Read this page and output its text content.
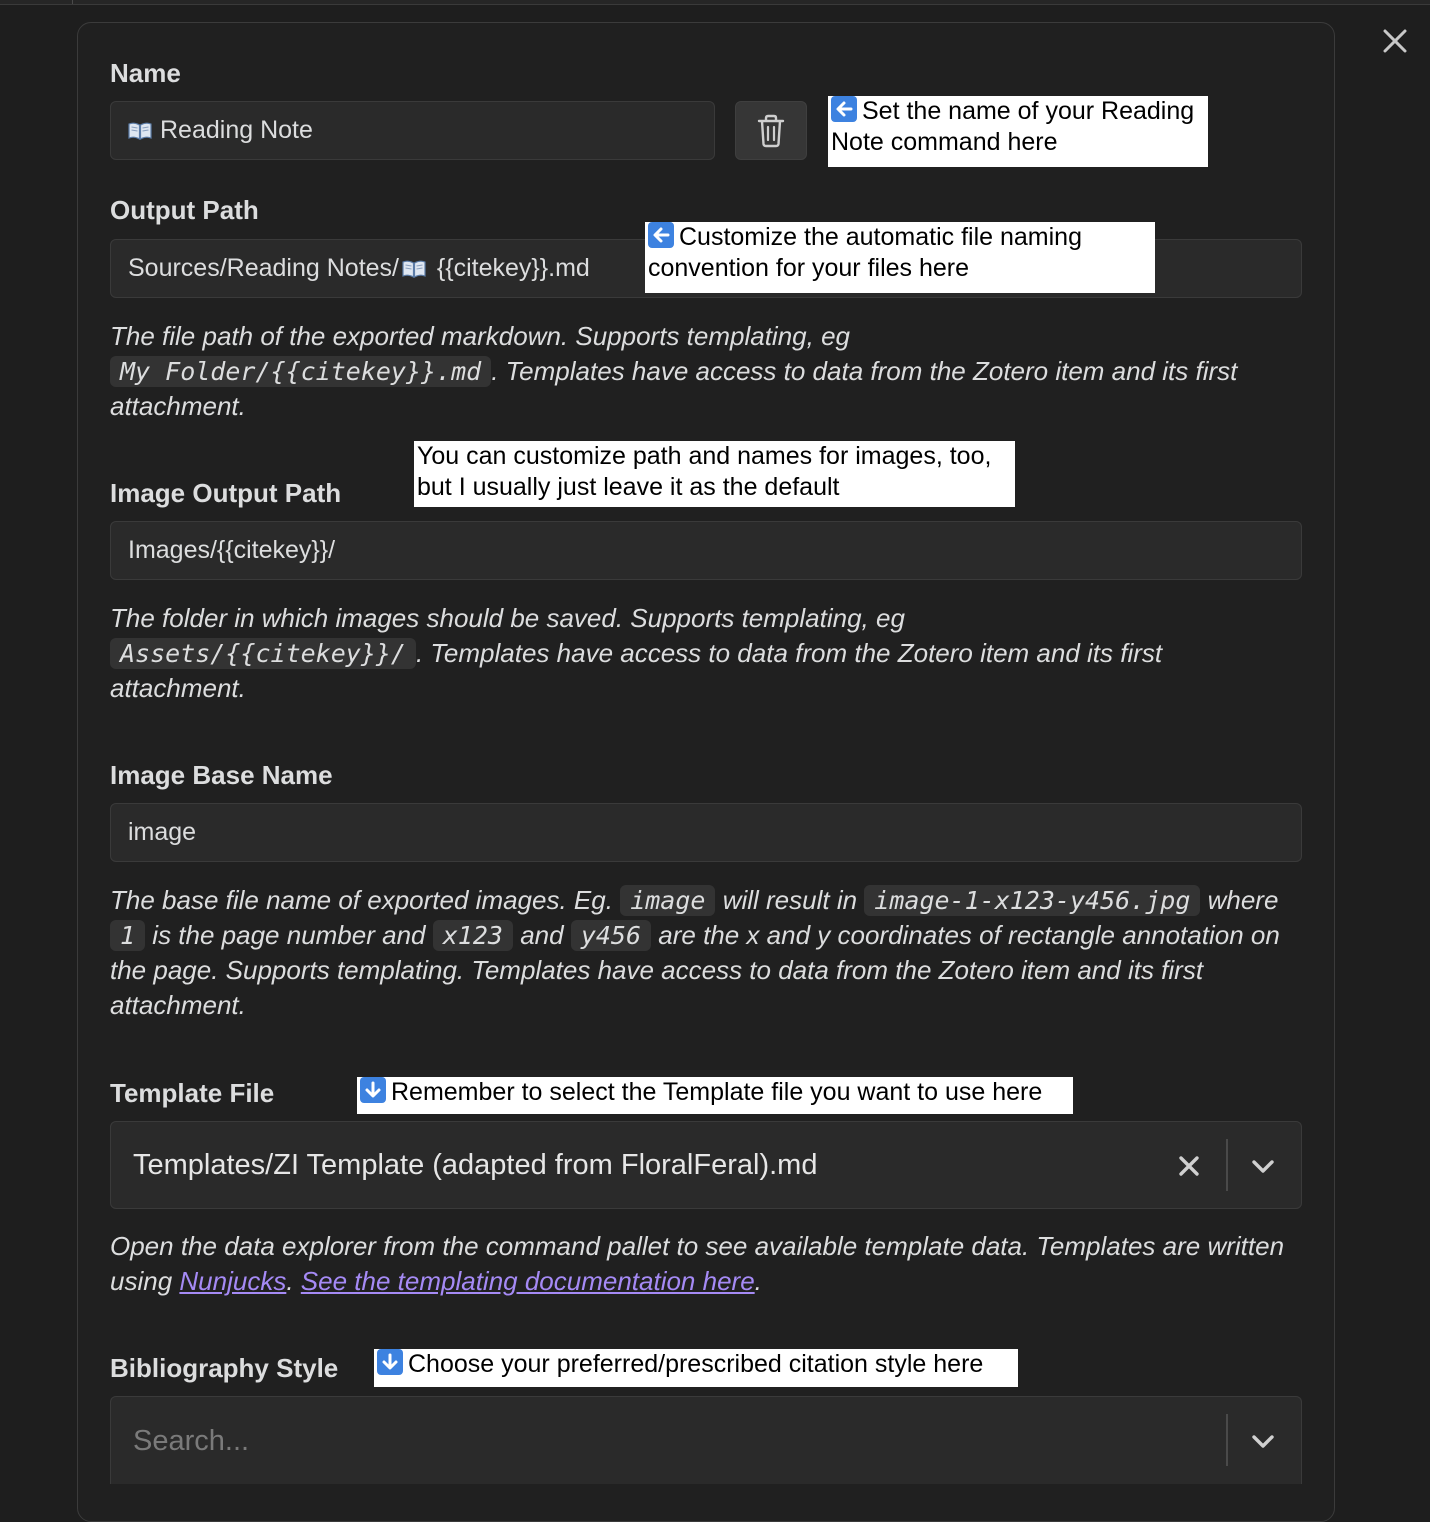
Name
Reading Note
Set the name of your Reading Note command here
Output Path
Sources/Reading Notes/ {{citekey}}.md
Customize the automatic file naming convention for your files here
The file path of the exported markdown. Supports templating, eg
My Folder/{{citekey}}.md . Templates have access to data from the Zotero item and its first attachment.
Image Output Path
You can customize path and names for images, too, but I usually just leave it as the default
Images/{{citekey}}/
The folder in which images should be saved. Supports templating, eg
Assets/{{citekey}}/ . Templates have access to data from the Zotero item and its first attachment.
Image Base Name
image
The base file name of exported images. Eg. image will result in image-1-x123-y456.jpg where 1 is the page number and x123 and y456 are the x and y coordinates of rectangle annotation on the page. Supports templating. Templates have access to data from the Zotero item and its first attachment.
Template File	Remember to select the Template file you want to use here
Templates/ZI Template (adapted from FloralFeral).md
Open the data explorer from the command pallet to see available template data. Templates are written using Nunjucks. See the templating documentation here.
Bibliography Style	Choose your preferred/prescribed citation style here
Search...
